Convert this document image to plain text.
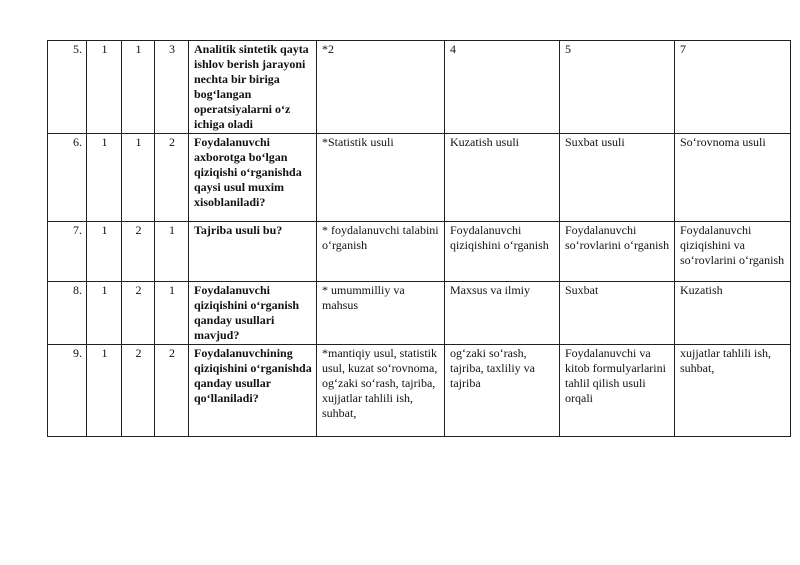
5.	1	1	3	Analitik sintetik qayta ishlov berish jarayoni nechta bir biriga bog‘langan operatsiyalarni o‘z ichiga oladi	*2	4	5	7
6.	1	1	2	Foydalanuvchi axborotga bo‘lgan qiziqishi o‘rganishda qaysi usul muxim xisoblaniladi?	*Statistik usuli	Kuzatish usuli	Suxbat usuli	So‘rovnoma usuli
7.	1	2	1	Tajriba usuli bu?	* foydalanuvchi talabini o‘rganish	Foydalanuvchi qiziqishini o‘rganish	Foydalanuvchi so‘rovlarini o‘rganish	Foydalanuvchi qiziqishini va so‘rovlarini o‘rganish
8.	1	2	1	Foydalanuvchi qiziqishini o‘rganish qanday usullari mavjud?	* umummilliy va mahsus	Maxsus va ilmiy	Suxbat	Kuzatish
9.	1	2	2	Foydalanuvchining qiziqishini o‘rganishda qanday usullar qo‘llaniladi?	*mantiqiy usul, statistik usul, kuzat so‘rovnoma, og‘zaki so‘rash, tajriba, xujjatlar tahlili ish, suhbat,	og‘zaki so‘rash, tajriba, taxliliy va tajriba	Foydalanuvchi va kitob formulyarlarini tahlil qilish usuli orqali	xujjatlar tahlili ish, suhbat,
